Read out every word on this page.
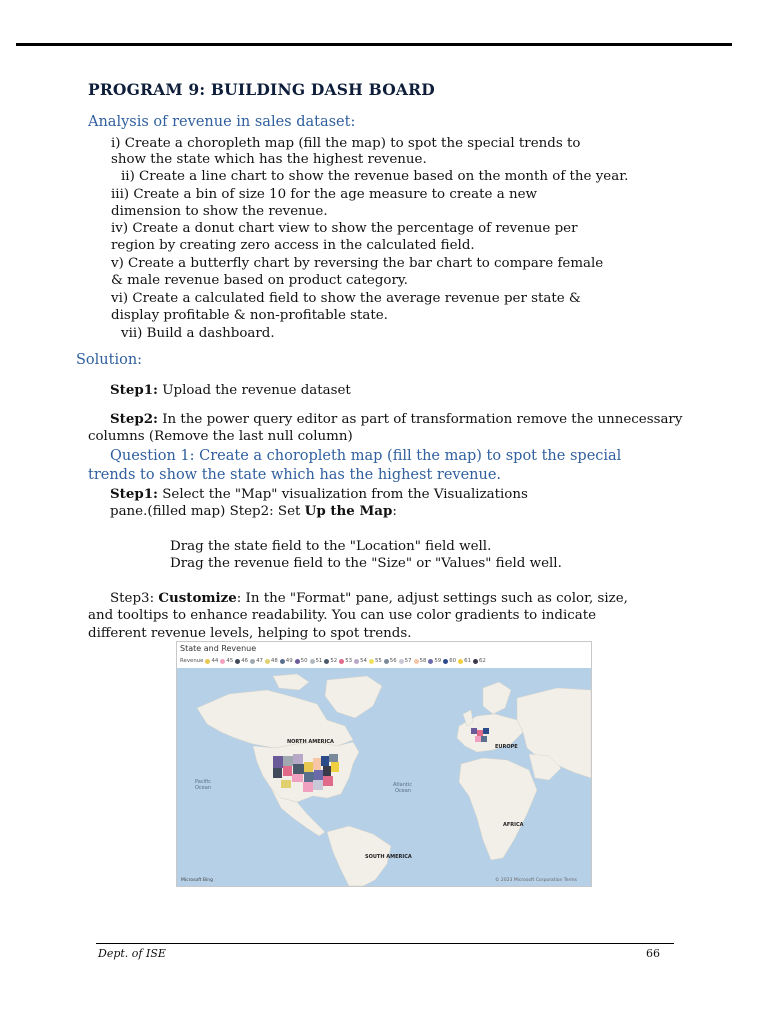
PROGRAM 9: BUILDING DASH BOARD
Analysis of revenue in sales dataset:
i) Create a choropleth map (fill the map) to spot the special trends to
show the state which has the highest revenue.
ii) Create a line chart to show the revenue based on the month of the year.
iii) Create a bin of size 10 for the age measure to create a new
dimension to show the revenue.
iv) Create a donut chart view to show the percentage of revenue per
region by creating zero access in the calculated field.
v) Create a butterfly chart by reversing the bar chart to compare female
& male revenue based on product category.
vi) Create a calculated field to show the average revenue per state &
display profitable & non-profitable state.
vii) Build a dashboard.
Solution:
Step1: Upload the revenue dataset
Step2: In the power query editor as part of transformation remove the unnecessary
columns (Remove the last null column)
Question 1: Create a choropleth map (fill the map) to spot the special
trends to show the state which has the highest revenue.
Step1: Select the "Map" visualization from the Visualizations
pane.(filled map) Step2: Set Up the Map:
Drag the state field to the "Location" field well.
Drag the revenue field to the "Size" or "Values" field well.
Step3: Customize: In the "Format" pane, adjust settings such as color, size,
and tooltips to enhance readability. You can use color gradients to indicate
different revenue levels, helping to spot trends.
State and Revenue
Revenue 44 45 46 47 48 49 50 51 52 53 54 55 56 57 58 59 60 61 62
NORTH AMERICA
EUROPE
AFRICA
SOUTH AMERICA
Pacific
Ocean	Atlantic
Ocean
Microsoft Bing	© 2023 Microsoft Corporation Terms
Dept. of ISE	66
